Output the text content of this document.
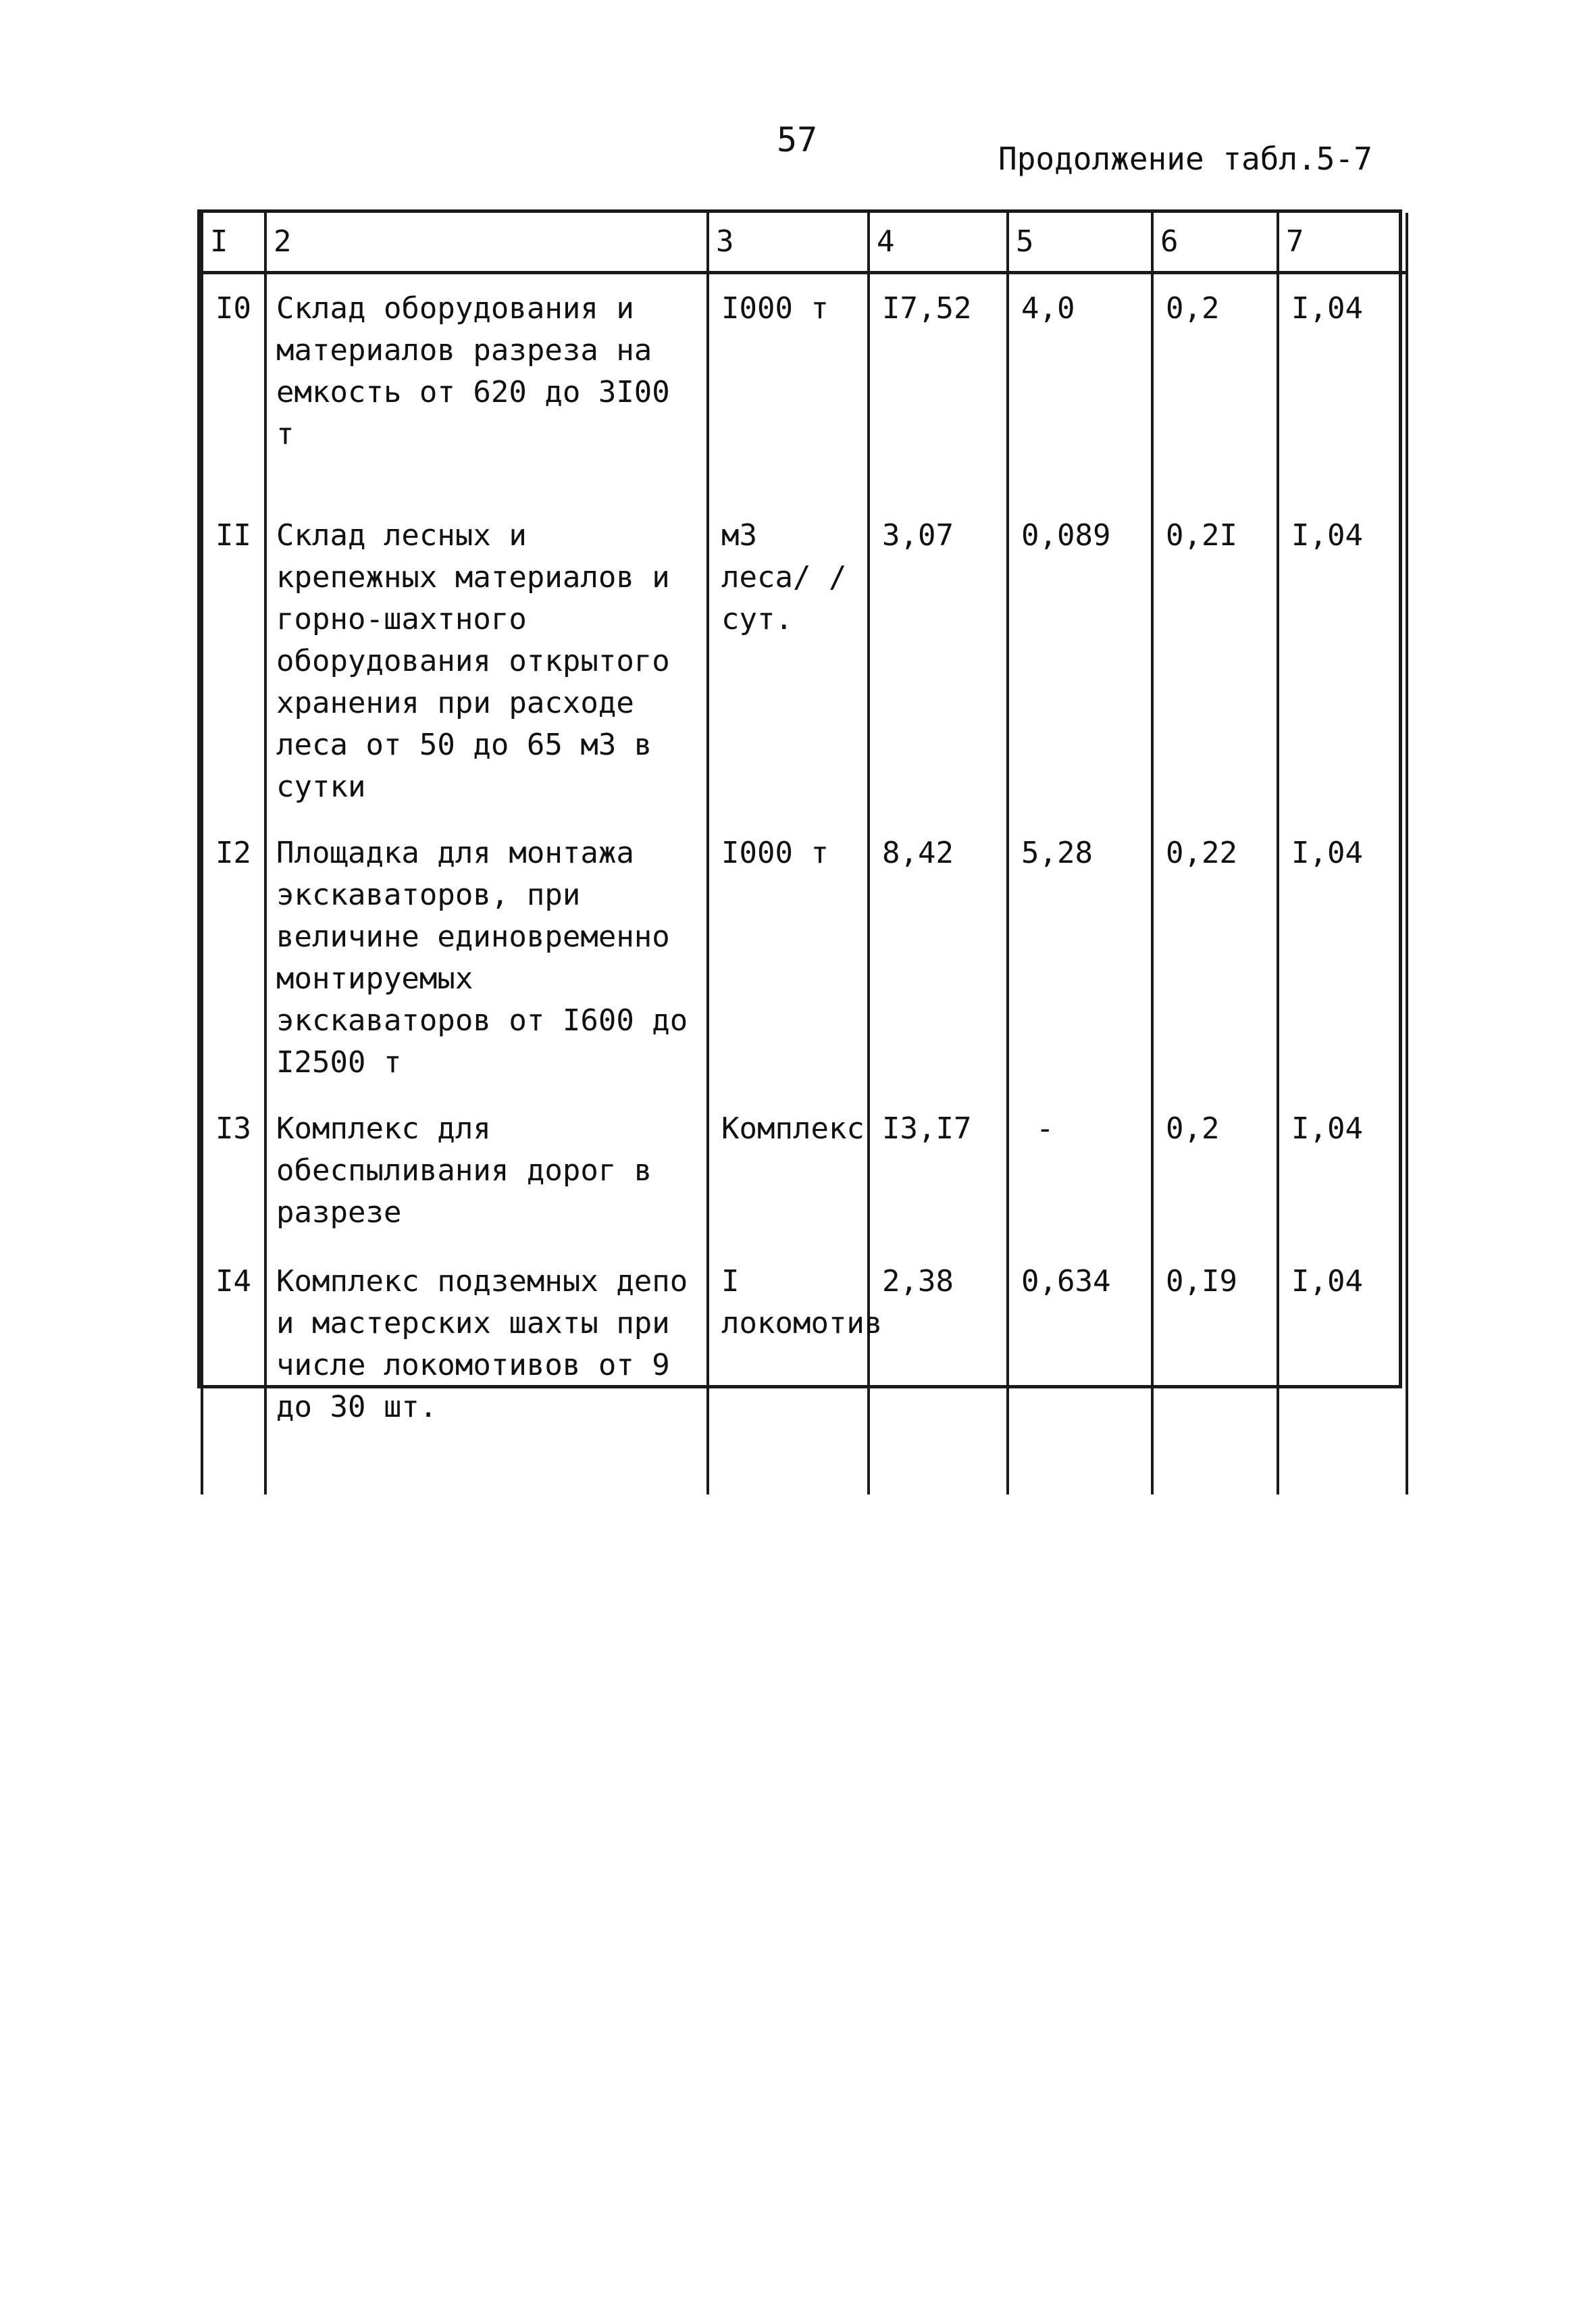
57	Продолжение табл.5-7
I	2	3	4	5	6	7
I0	Склад оборудования и материалов разреза на емкость от 620 до 3I00 т	I000 т	I7,52	4,0	0,2	I,04
II	Склад лесных и крепежных материалов и горно-шахтного оборудования открытого хранения при расходе леса от 50 до 65 м3 в сутки	м3 леса/ /сут.	3,07	0,089	0,2I	I,04
I2	Площадка для монтажа экскаваторов, при величине единовременно монтируемых экскаваторов от I600 до I2500 т	I000 т	8,42	5,28	0,22	I,04
I3	Комплекс для обеспыливания дорог в разрезе	Комплекс	I3,I7	-	0,2	I,04
I4	Комплекс подземных депо и мастерских шахты при числе локомотивов от 9 до 30 шт.	I локомотив	2,38	0,634	0,I9	I,04
